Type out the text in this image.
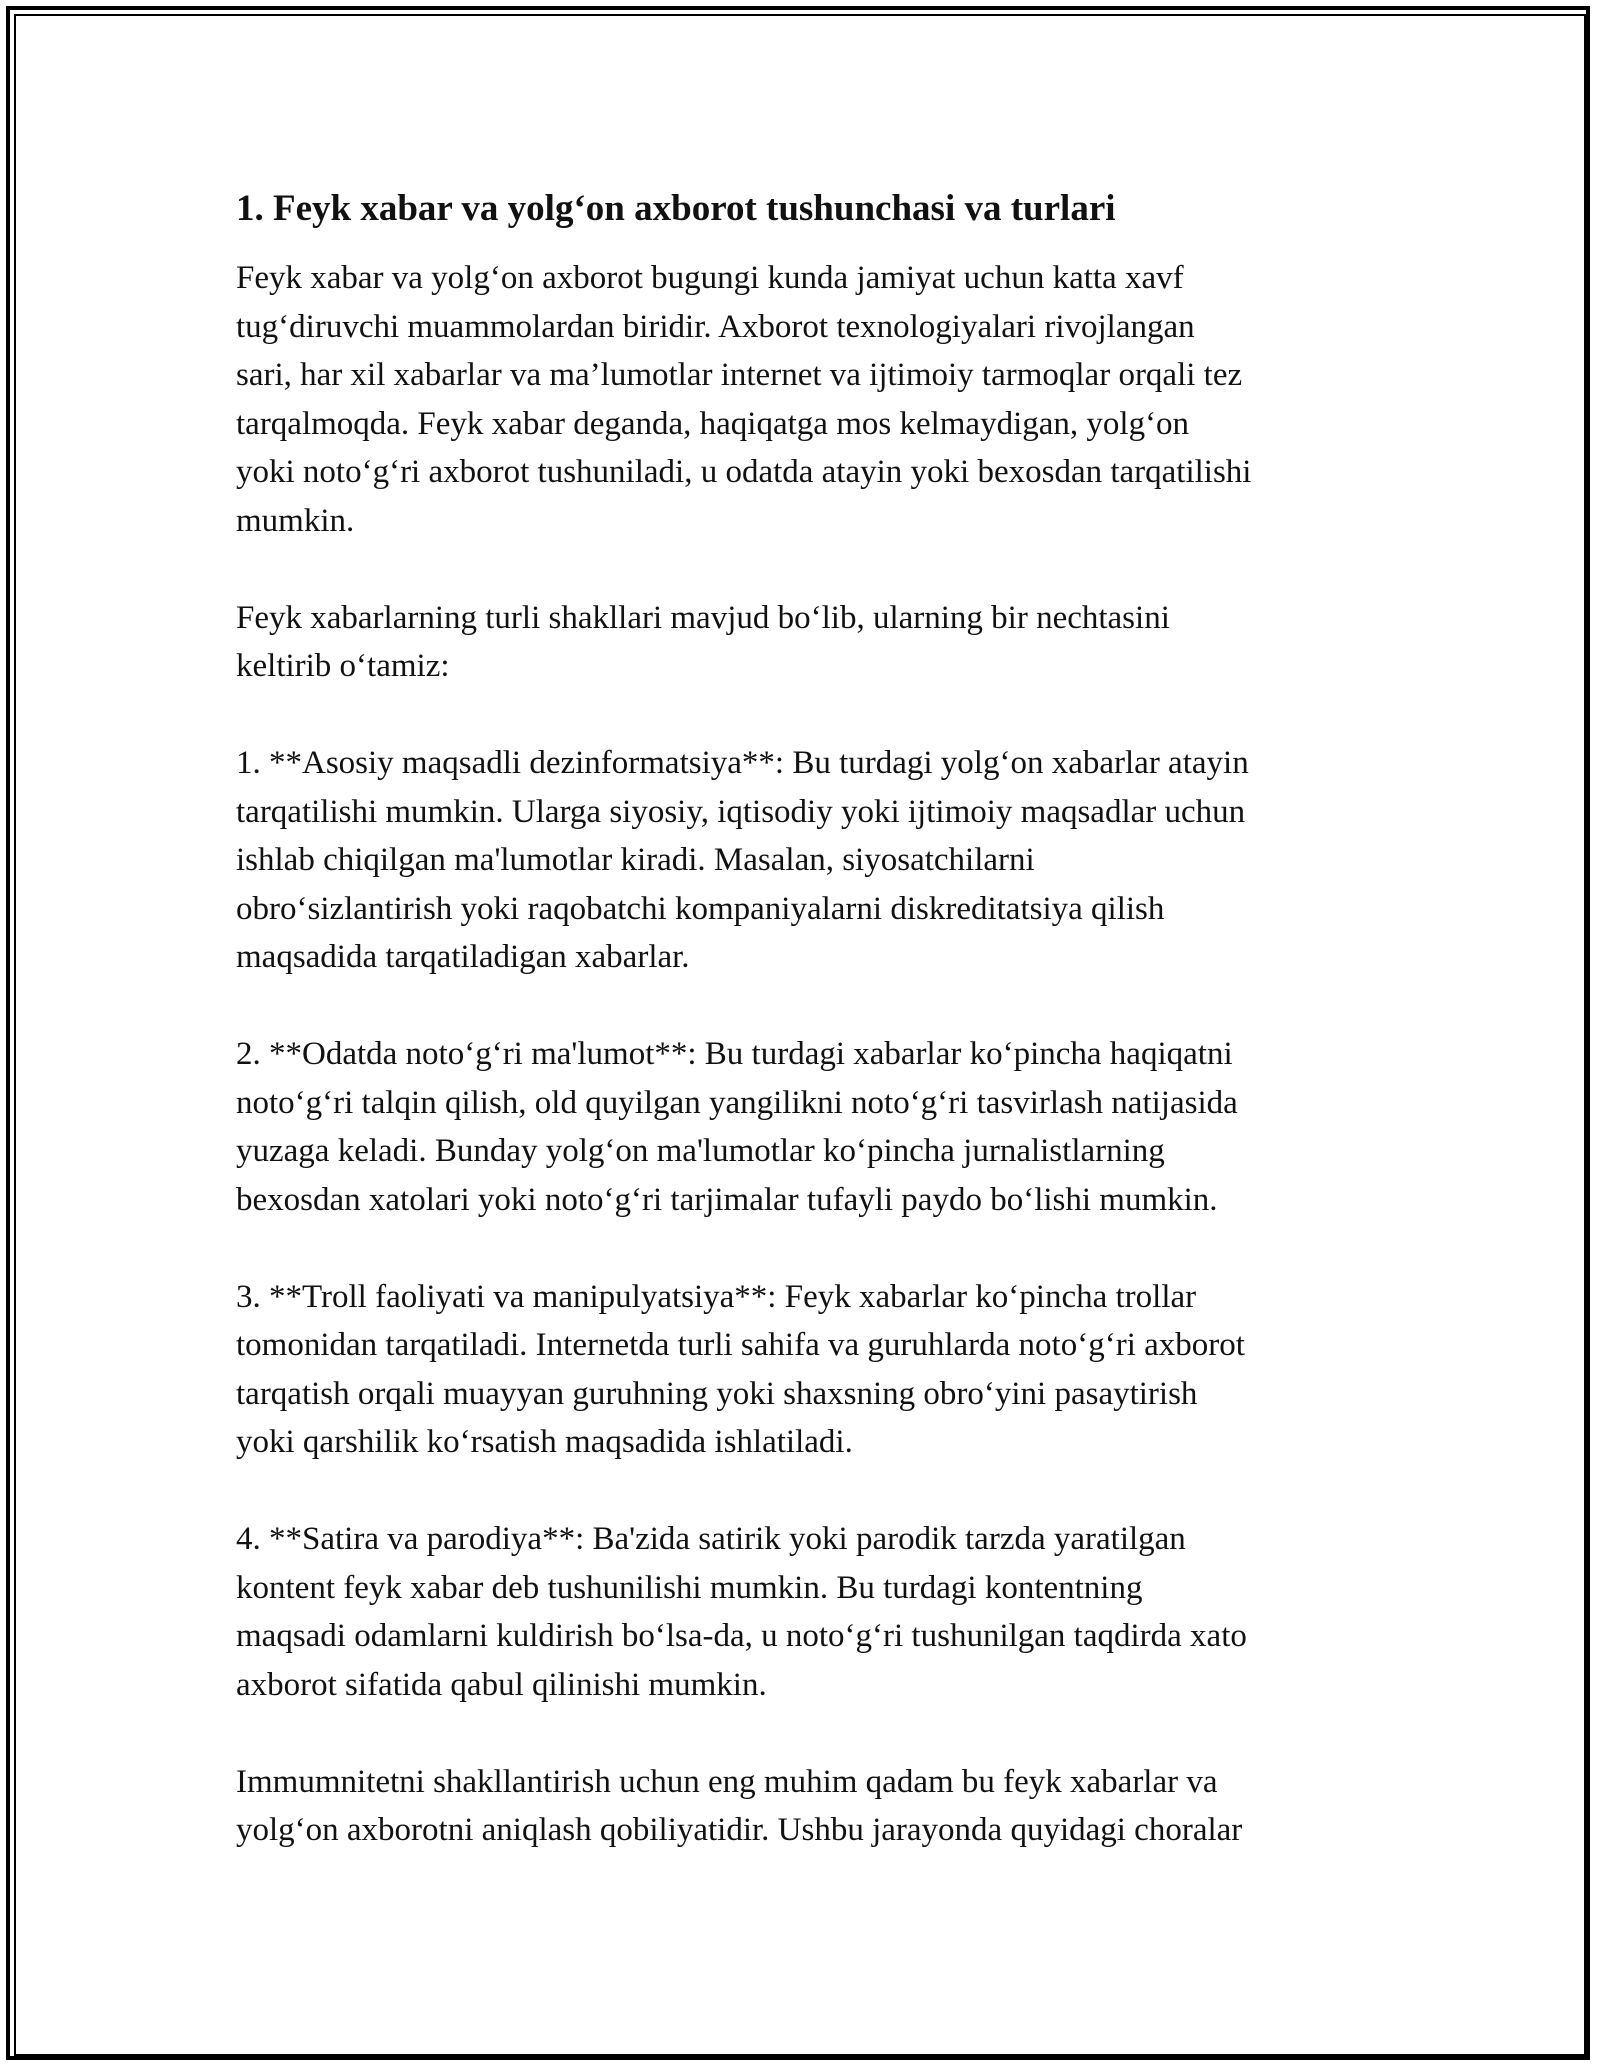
1. Feyk xabar va yolg‘on axborot tushunchasi va turlari

Feyk xabar va yolg‘on axborot bugungi kunda jamiyat uchun katta xavf
tug‘diruvchi muammolardan biridir. Axborot texnologiyalari rivojlangan
sari, har xil xabarlar va ma’lumotlar internet va ijtimoiy tarmoqlar orqali tez
tarqalmoqda. Feyk xabar deganda, haqiqatga mos kelmaydigan, yolg‘on
yoki noto‘g‘ri axborot tushuniladi, u odatda atayin yoki bexosdan tarqatilishi
mumkin.

Feyk xabarlarning turli shakllari mavjud bo‘lib, ularning bir nechtasini
keltirib o‘tamiz:

1. **Asosiy maqsadli dezinformatsiya**: Bu turdagi yolg‘on xabarlar atayin
tarqatilishi mumkin. Ularga siyosiy, iqtisodiy yoki ijtimoiy maqsadlar uchun
ishlab chiqilgan ma'lumotlar kiradi. Masalan, siyosatchilarni
obro‘sizlantirish yoki raqobatchi kompaniyalarni diskreditatsiya qilish
maqsadida tarqatiladigan xabarlar.

2. **Odatda noto‘g‘ri ma'lumot**: Bu turdagi xabarlar ko‘pincha haqiqatni
noto‘g‘ri talqin qilish, old quyilgan yangilikni noto‘g‘ri tasvirlash natijasida
yuzaga keladi. Bunday yolg‘on ma'lumotlar ko‘pincha jurnalistlarning
bexosdan xatolari yoki noto‘g‘ri tarjimalar tufayli paydo bo‘lishi mumkin.

3. **Troll faoliyati va manipulyatsiya**: Feyk xabarlar ko‘pincha trollar
tomonidan tarqatiladi. Internetda turli sahifa va guruhlarda noto‘g‘ri axborot
tarqatish orqali muayyan guruhning yoki shaxsning obro‘yini pasaytirish
yoki qarshilik ko‘rsatish maqsadida ishlatiladi.

4. **Satira va parodiya**: Ba'zida satirik yoki parodik tarzda yaratilgan
kontent feyk xabar deb tushunilishi mumkin. Bu turdagi kontentning
maqsadi odamlarni kuldirish bo‘lsa-da, u noto‘g‘ri tushunilgan taqdirda xato
axborot sifatida qabul qilinishi mumkin.

Immumnitetni shakllantirish uchun eng muhim qadam bu feyk xabarlar va
yolg‘on axborotni aniqlash qobiliyatidir. Ushbu jarayonda quyidagi choralar
